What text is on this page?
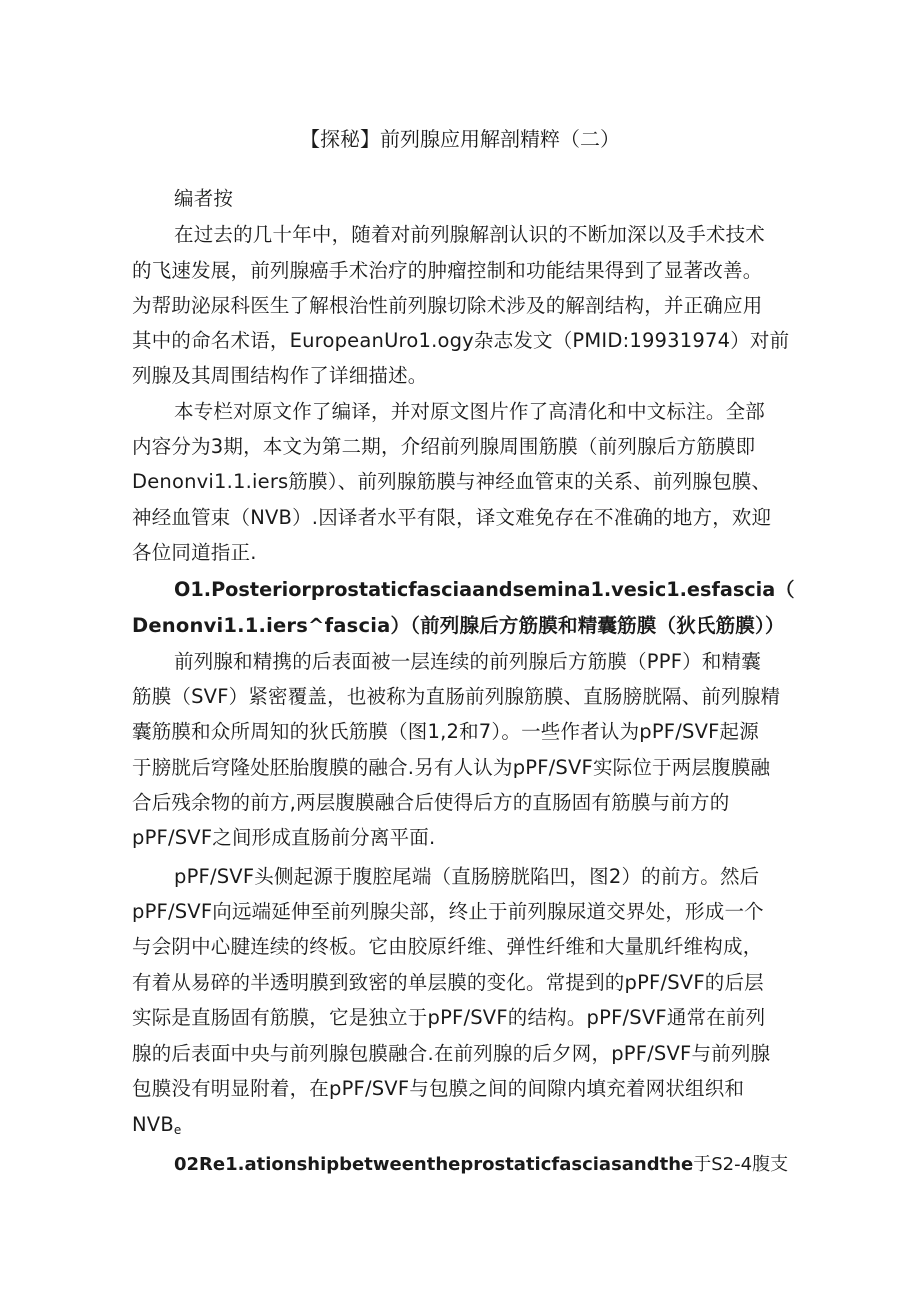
【探秘】前列腺应用解剖精粹（二）
编者按
在过去的几十年中，随着对前列腺解剖认识的不断加深以及手术技术
的飞速发展，前列腺癌手术治疗的肿瘤控制和功能结果得到了显著改善。
为帮助泌尿科医生了解根治性前列腺切除术涉及的解剖结构，并正确应用
其中的命名术语，EuropeanUro1.ogy杂志发文（PMID:19931974）对前
列腺及其周围结构作了详细描述。
本专栏对原文作了编译，并对原文图片作了高清化和中文标注。全部
内容分为3期，本文为第二期，介绍前列腺周围筋膜（前列腺后方筋膜即
Denonvi1.1.iers筋膜）、前列腺筋膜与神经血管束的关系、前列腺包膜、
神经血管束（NVB）.因译者水平有限，译文难免存在不准确的地方，欢迎
各位同道指正.
O1.Posteriorprostaticfasciaandsemina1.vesic1.esfascia（
Denonvi1.1.iers^fascia）（前列腺后方筋膜和精囊筋膜（狄氏筋膜））
前列腺和精携的后表面被一层连续的前列腺后方筋膜（PPF）和精囊
筋膜（SVF）紧密覆盖，也被称为直肠前列腺筋膜、直肠膀胱隔、前列腺精
囊筋膜和众所周知的狄氏筋膜（图1,2和7）。一些作者认为pPF/SVF起源
于膀胱后穹隆处胚胎腹膜的融合.另有人认为pPF/SVF实际位于两层腹膜融
合后残余物的前方,两层腹膜融合后使得后方的直肠固有筋膜与前方的
pPF/SVF之间形成直肠前分离平面.
pPF/SVF头侧起源于腹腔尾端（直肠膀胱陷凹，图2）的前方。然后
pPF/SVF向远端延伸至前列腺尖部，终止于前列腺尿道交界处，形成一个
与会阴中心腱连续的终板。它由胶原纤维、弹性纤维和大量肌纤维构成，
有着从易碎的半透明膜到致密的单层膜的变化。常提到的pPF/SVF的后层
实际是直肠固有筋膜，它是独立于pPF/SVF的结构。pPF/SVF通常在前列
腺的后表面中央与前列腺包膜融合.在前列腺的后夕网，pPF/SVF与前列腺
包膜没有明显附着，在pPF/SVF与包膜之间的间隙内填充着网状组织和
$NVB_e$
02Re1.ationshipbetweentheprostaticfasciasandthe于S2-4腹支
